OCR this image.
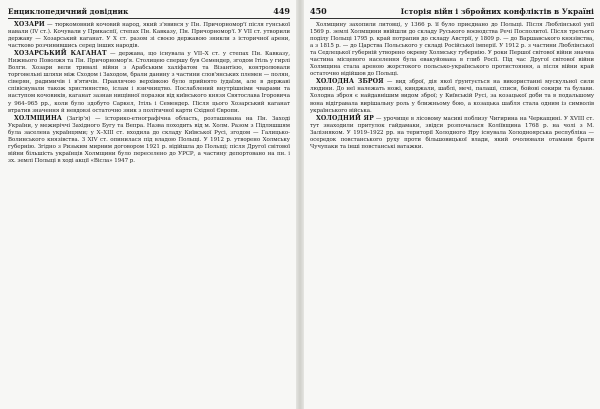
Енциклопедичний довідник	449

ХОЗАРИ — тюркомовний кочовий народ, який з'явився у Пн. Причорномор'ї після гунської навали (IV ст.). Кочували у Прикаспії, степах Пн. Кавказу, Пн. Причорномор'ї. У VII ст. утворили державу — Хозарський каганат. У X ст. разом зі своєю державою зникли з історичної арени, частково розчинившись серед інших народів.

ХОЗАРСЬКИЙ КАГАНАТ — держава, що існувала у VII–X ст. у степах Пн. Кавказу, Нижнього Поволжя та Пн. Причорномор'я. Столицею спершу був Семендер, згодом Ітіль у гирлі Волги. Хозари вели тривалі війни з Арабським халіфатом та Візантією, контролювали торговельні шляхи між Сходом і Заходом, брали данину з частини слов'янських племен — полян, сіверян, радимичів і в'ятичів. Правлячою верхівкою було прийнято іудаїзм, але в державі співіснували також християнство, іслам і язичництво. Послаблений внутрішніми чварами та наступом кочовиків, каганат зазнав нищівної поразки від київського князя Святослава Ігоровича у 964–965 рр., коли було здобуто Саркел, Ітіль і Семендер. Після цього Хозарський каганат втратив значення й невдовзі остаточно зник з політичної карти Східної Європи.

ХОЛМЩИНА (Загір'я) — історико-етнографічна область, розташована на Пн. Заході України, у межиріччі Західного Бугу та Вепра. Назва походить від м. Холм. Разом з Підляшшям була заселена українцями; у X–XIII ст. входила до складу Київської Русі, згодом — Галицько-Волинського князівства. З XIV ст. опинилася під владою Польщі. У 1912 р. утворено Холмську губернію. Згідно з Ризьким мирним договором 1921 р. відійшла до Польщі; після Другої світової війни більшість українців Холмщини було переселено до УРСР, а частину депортовано на пн. і зх. землі Польщі в ході акції «Вісла» 1947 р.

450	Історія війн і збройних конфліктів в Україні

Холмщину захопили литовці, у 1366 р. її було приєднано до Польщі. Після Люблінської унії 1569 р. землі Холмщини ввійшли до складу Руського воєводства Речі Посполитої. Після третього поділу Польщі 1795 р. край потрапив до складу Австрії, у 1809 р. — до Варшавського князівства, а з 1815 р. — до Царства Польського у складі Російської імперії. У 1912 р. з частини Люблінської та Седлецької губерній утворено окрему Холмську губернію. У роки Першої світової війни значна частина місцевого населення була евакуйована в глиб Росії. Під час Другої світової війни Холмщина стала ареною жорстокого польсько-українського протистояння, а після війни край остаточно відійшов до Польщі.

ХОЛОДНА ЗБРОЯ — вид зброї, дія якої ґрунтується на використанні мускульної сили людини. До неї належать ножі, кинджали, шаблі, мечі, палаші, списи, бойові сокири та булави. Холодна зброя є найдавнішим видом зброї; у Київській Русі, за козацької доби та в подальшому вона відігравала вирішальну роль у ближньому бою, а козацька шабля стала одним із символів українського війська.

ХОЛОДНИЙ ЯР — урочище в лісовому масиві поблизу Чигирина на Черкащині. У XVIII ст. тут знаходили притулок гайдамаки, звідси розпочалася Коліївщина 1768 р. на чолі з М. Залізняком. У 1919–1922 рр. на території Холодного Яру існувала Холодноярська республіка — осередок повстанського руху проти більшовицької влади, який очолювали отамани брати Чучупаки та інші повстанські ватажки.
